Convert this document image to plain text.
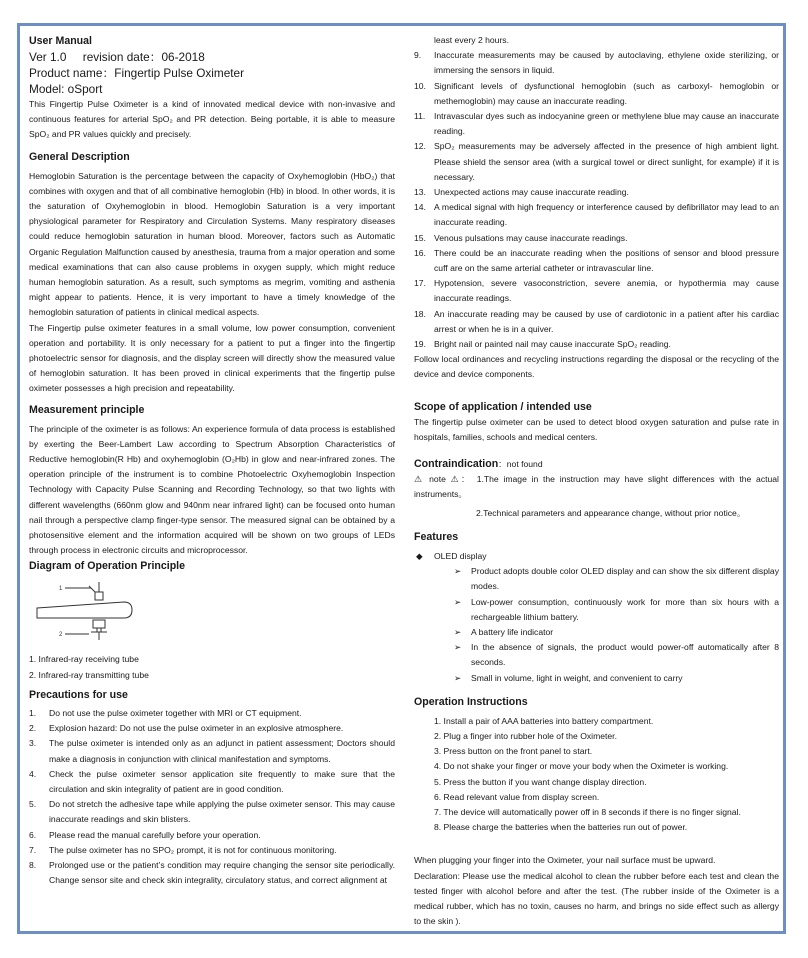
User Manual

Ver 1.0 revision date：06-2018

Product name：Fingertip Pulse Oximeter

Model: oSport

This Fingertip Pulse Oximeter is a kind of innovated medical device with non-invasive and continuous features for arterial SpO₂ and PR detection. Being portable, it is able to measure SpO₂ and PR values quickly and precisely.

General Description

Hemoglobin Saturation is the percentage between the capacity of Oxyhemoglobin (HbO₂) that combines with oxygen and that of all combinative hemoglobin (Hb) in blood. In other words, it is the saturation of Oxyhemoglobin in blood. Hemoglobin Saturation is a very important physiological parameter for Respiratory and Circulation Systems. Many respiratory diseases could reduce hemoglobin saturation in human blood. Moreover, factors such as Automatic Organic Regulation Malfunction caused by anesthesia, trauma from a major operation and some medical examinations that can also cause problems in oxygen supply, which might reduce human hemoglobin saturation. As a result, such symptoms as megrim, vomiting and asthenia might appear to patients. Hence, it is very important to have a timely knowledge of the hemoglobin saturation of patients in clinical medical aspects.

The Fingertip pulse oximeter features in a small volume, low power consumption, convenient operation and portability. It is only necessary for a patient to put a finger into the fingertip photoelectric sensor for diagnosis, and the display screen will directly show the measured value of hemoglobin saturation. It has been proved in clinical experiments that the fingertip pulse oximeter possesses a high precision and repeatability.

Measurement principle

The principle of the oximeter is as follows: An experience formula of data process is established by exerting the Beer-Lambert Law according to Spectrum Absorption Characteristics of Reductive hemoglobin(R Hb) and oxyhemoglobin (O₂Hb) in glow and near-infrared zones. The operation principle of the instrument is to combine Photoelectric Oxyhemoglobin Inspection Technology with Capacity Pulse Scanning and Recording Technology, so that two lights with different wavelengths (660nm glow and 940nm near infrared light) can be focused onto human nail through a perspective clamp finger-type sensor. The measured signal can be obtained by a photosensitive element and the information acquired will be shown on two groups of LEDs through process in electronic circuits and microprocessor.

Diagram of Operation Principle
1
2

1. Infrared-ray receiving tube

2. Infrared-ray transmitting tube

Precautions for use
1. Do not use the pulse oximeter together with MRI or CT equipment.
2. Explosion hazard: Do not use the pulse oximeter in an explosive atmosphere.
3. The pulse oximeter is intended only as an adjunct in patient assessment; Doctors should make a diagnosis in conjunction with clinical manifestation and symptoms.
4. Check the pulse oximeter sensor application site frequently to make sure that the circulation and skin integrality of patient are in good condition.
5. Do not stretch the adhesive tape while applying the pulse oximeter sensor. This may cause inaccurate readings and skin blisters.
6. Please read the manual carefully before your operation.
7. The pulse oximeter has no SPO₂ prompt, it is not for continuous monitoring.
8. Prolonged use or the patient’s condition may require changing the sensor site periodically. Change sensor site and check skin integrality, circulatory status, and correct alignment at

least every 2 hours.

9. Inaccurate measurements may be caused by autoclaving, ethylene oxide sterilizing, or immersing the sensors in liquid.
10. Significant levels of dysfunctional hemoglobin (such as carboxyl- hemoglobin or methemoglobin) may cause an inaccurate reading.
11. Intravascular dyes such as indocyanine green or methylene blue may cause an inaccurate reading.
12. SpO₂ measurements may be adversely affected in the presence of high ambient light. Please shield the sensor area (with a surgical towel or direct sunlight, for example) if it is necessary.
13. Unexpected actions may cause inaccurate reading.
14. A medical signal with high frequency or interference caused by defibrillator may lead to an inaccurate reading.
15. Venous pulsations may cause inaccurate readings.
16. There could be an inaccurate reading when the positions of sensor and blood pressure cuff are on the same arterial catheter or intravascular line.
17. Hypotension, severe vasoconstriction, severe anemia, or hypothermia may cause inaccurate readings.
18. An inaccurate reading may be caused by use of cardiotonic in a patient after his cardiac arrest or when he is in a quiver.
19. Bright nail or painted nail may cause inaccurate SpO₂ reading.

Follow local ordinances and recycling instructions regarding the disposal or the recycling of the device and device components.

Scope of application / intended use

The fingertip pulse oximeter can be used to detect blood oxygen saturation and pulse rate in hospitals, families, schools and medical centers.

Contraindication：not found

⚠ note ⚠： 1.The image in the instruction may have slight differences with the actual instruments。

2.Technical parameters and appearance change, without prior notice。

Features

◆ OLED display

➢ Product adopts double color OLED display and can show the six different display modes.

➢ Low-power consumption, continuously work for more than six hours with a rechargeable lithium battery.

➢ A battery life indicator

➢ In the absence of signals, the product would power-off automatically after 8 seconds.

➢ Small in volume, light in weight, and convenient to carry

Operation Instructions

1. Install a pair of AAA batteries into battery compartment.

2. Plug a finger into rubber hole of the Oximeter.

3. Press button on the front panel to start.

4. Do not shake your finger or move your body when the Oximeter is working.

5. Press the button if you want change display direction.

6. Read relevant value from display screen.

7. The device will automatically power off in 8 seconds if there is no finger signal.

8. Please charge the batteries when the batteries run out of power.

When plugging your finger into the Oximeter, your nail surface must be upward.

Declaration: Please use the medical alcohol to clean the rubber before each test and clean the tested finger with alcohol before and after the test. (The rubber inside of the Oximeter is a medical rubber, which has no toxin, causes no harm, and brings no side effect such as allergy to the skin ).
